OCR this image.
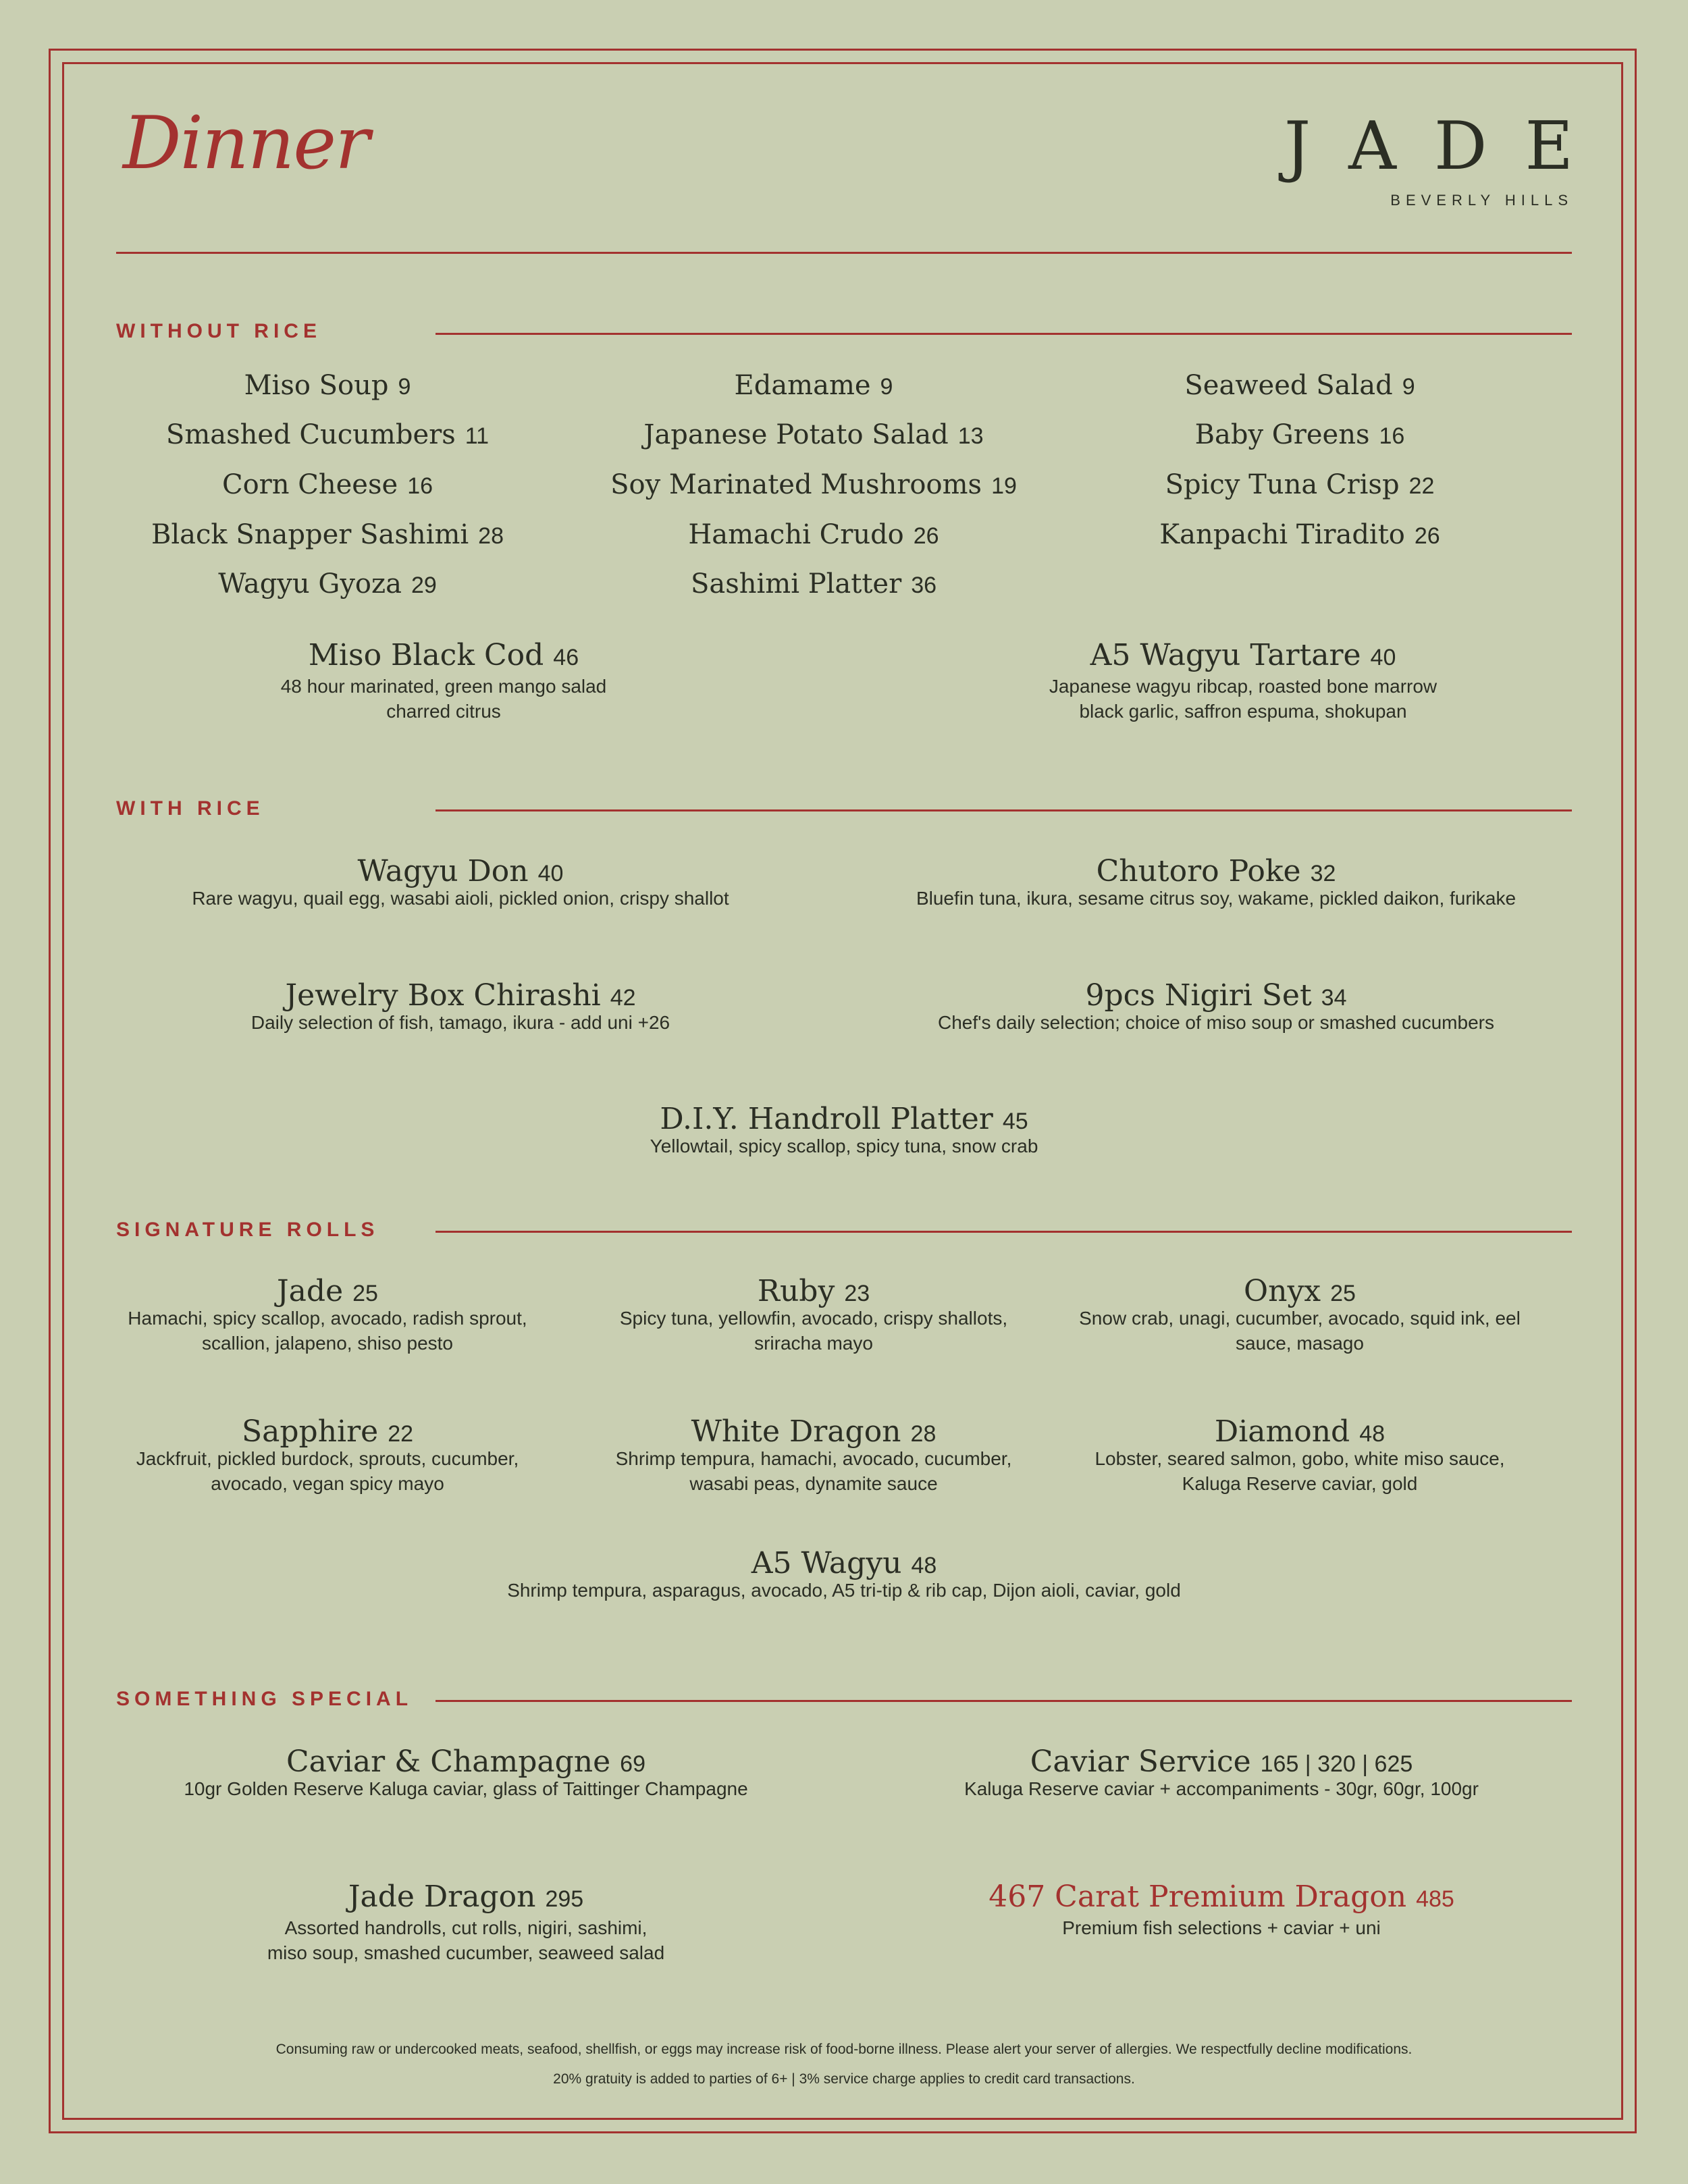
Dinner	JADE
BEVERLY HILLS
WITHOUT RICE
Miso Soup 9
Smashed Cucumbers 11
Corn Cheese 16
Black Snapper Sashimi 28
Wagyu Gyoza 29
Edamame 9
Japanese Potato Salad 13
Soy Marinated Mushrooms 19
Hamachi Crudo 26
Sashimi Platter 36
Seaweed Salad 9
Baby Greens 16
Spicy Tuna Crisp 22
Kanpachi Tiradito 26
Miso Black Cod 46
48 hour marinated, green mango salad
charred citrus
A5 Wagyu Tartare 40
Japanese wagyu ribcap, roasted bone marrow
black garlic, saffron espuma, shokupan
WITH RICE
Wagyu Don 40
Rare wagyu, quail egg, wasabi aioli, pickled onion, crispy shallot
Chutoro Poke 32
Bluefin tuna, ikura, sesame citrus soy, wakame, pickled daikon, furikake
Jewelry Box Chirashi 42
Daily selection of fish, tamago, ikura - add uni +26
9pcs Nigiri Set 34
Chef's daily selection; choice of miso soup or smashed cucumbers
D.I.Y. Handroll Platter 45
Yellowtail, spicy scallop, spicy tuna, snow crab
SIGNATURE ROLLS
Jade 25
Hamachi, spicy scallop, avocado, radish sprout,
scallion, jalapeno, shiso pesto
Ruby 23
Spicy tuna, yellowfin, avocado, crispy shallots,
sriracha mayo
Onyx 25
Snow crab, unagi, cucumber, avocado, squid ink, eel
sauce, masago
Sapphire 22
Jackfruit, pickled burdock, sprouts, cucumber,
avocado, vegan spicy mayo
White Dragon 28
Shrimp tempura, hamachi, avocado, cucumber,
wasabi peas, dynamite sauce
Diamond 48
Lobster, seared salmon, gobo, white miso sauce,
Kaluga Reserve caviar, gold
A5 Wagyu 48
Shrimp tempura, asparagus, avocado, A5 tri-tip & rib cap, Dijon aioli, caviar, gold
SOMETHING SPECIAL
Caviar & Champagne 69
10gr Golden Reserve Kaluga caviar, glass of Taittinger Champagne
Caviar Service 165 | 320 | 625
Kaluga Reserve caviar + accompaniments - 30gr, 60gr, 100gr
Jade Dragon 295
Assorted handrolls, cut rolls, nigiri, sashimi,
miso soup, smashed cucumber, seaweed salad
467 Carat Premium Dragon 485
Premium fish selections + caviar + uni
Consuming raw or undercooked meats, seafood, shellfish, or eggs may increase risk of food-borne illness. Please alert your server of allergies. We respectfully decline modifications.
20% gratuity is added to parties of 6+ | 3% service charge applies to credit card transactions.
